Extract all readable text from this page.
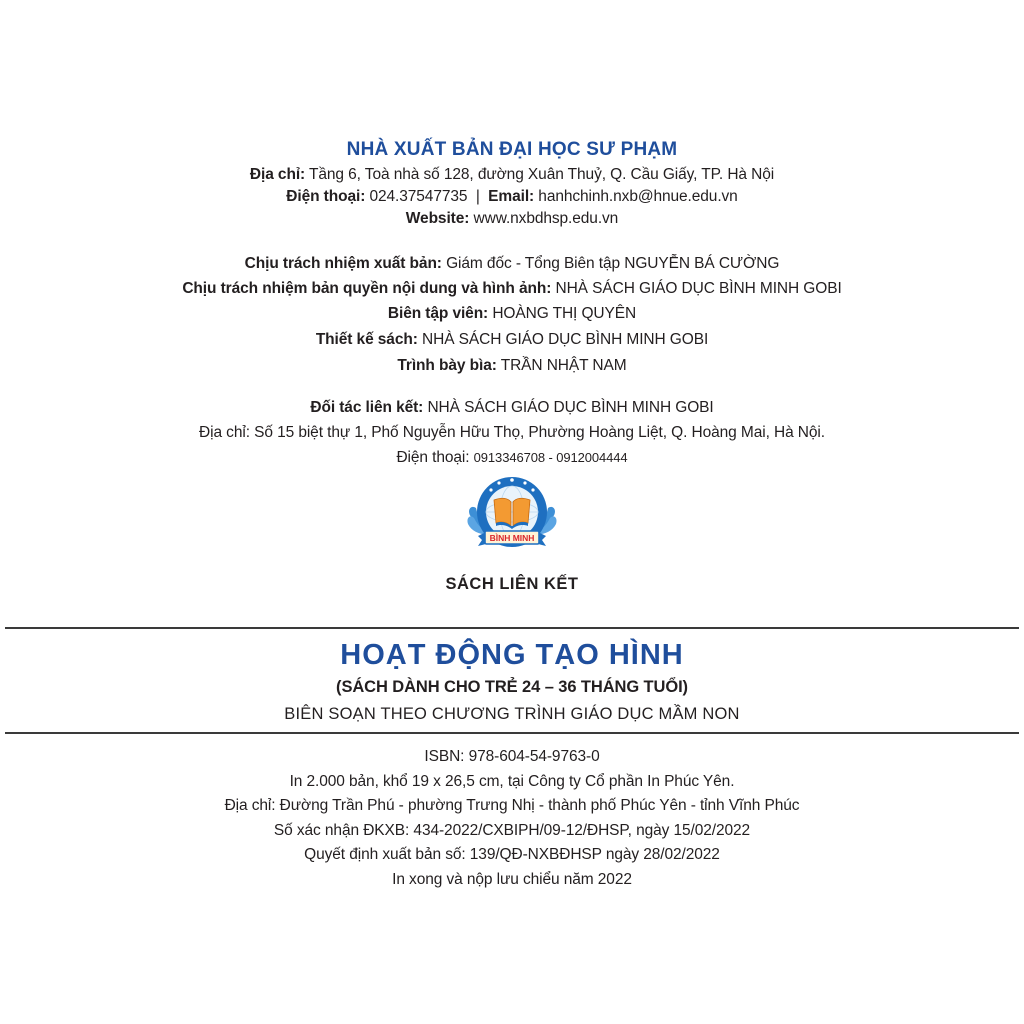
NHÀ XUẤT BẢN ĐẠI HỌC SƯ PHẠM
Địa chỉ: Tầng 6, Toà nhà số 128, đường Xuân Thuỷ, Q. Cầu Giấy, TP. Hà Nội
Điện thoại: 024.37547735  |  Email: hanhchinh.nxb@hnue.edu.vn
Website: www.nxbdhsp.edu.vn
Chịu trách nhiệm xuất bản: Giám đốc - Tổng Biên tập NGUYỄN BÁ CƯỜNG
Chịu trách nhiệm bản quyền nội dung và hình ảnh: NHÀ SÁCH GIÁO DỤC BÌNH MINH GOBI
Biên tập viên: HOÀNG THỊ QUYÊN
Thiết kế sách: NHÀ SÁCH GIÁO DỤC BÌNH MINH GOBI
Trình bày bìa: TRẦN NHẬT NAM
Đối tác liên kết: NHÀ SÁCH GIÁO DỤC BÌNH MINH GOBI
Địa chỉ: Số 15 biệt thự 1, Phố Nguyễn Hữu Thọ, Phường Hoàng Liệt, Q. Hoàng Mai, Hà Nội.
Điện thoại: 0913346708 - 0912004444
BÌNH MINH
SÁCH LIÊN KẾT
HOẠT ĐỘNG TẠO HÌNH
(SÁCH DÀNH CHO TRẺ 24 – 36 THÁNG TUỔI)
BIÊN SOẠN THEO CHƯƠNG TRÌNH GIÁO DỤC MẦM NON
ISBN: 978-604-54-9763-0
In 2.000 bản, khổ 19 x 26,5 cm, tại Công ty Cổ phần In Phúc Yên.
Địa chỉ: Đường Trần Phú - phường Trưng Nhị - thành phố Phúc Yên - tỉnh Vĩnh Phúc
Số xác nhận ĐKXB: 434-2022/CXBIPH/09-12/ĐHSP, ngày 15/02/2022
Quyết định xuất bản số: 139/QĐ-NXBĐHSP ngày 28/02/2022
In xong và nộp lưu chiểu năm 2022
